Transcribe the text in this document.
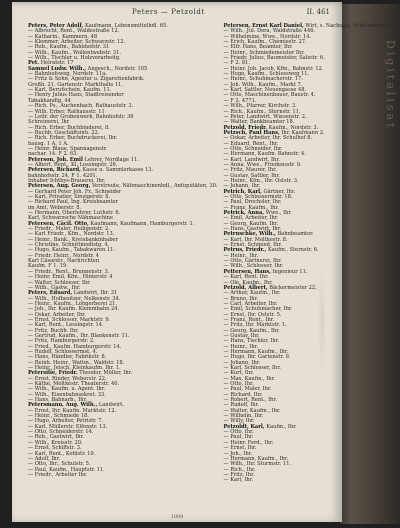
Digitalisat
Peters — Petzoldt	II. 461
Peters, Peter Adolf, Kaufmann, Lebensmittelhdl. 65.
— Albrecht, Rent., Waldestraße 12.
— Katharin., Kammern. 48
— Klemmer, Arbeiter, Schwarzstr. 12.
— Rob., Kaufm., Bahnhofstr. 31
— Wilh., Kaufm., Wollentwebstr. 31.
— Wilh., Tischler u. Holzverarbeitg.
Pet. Heiratstr. 17
Samuel Ludw. Wilh., Angesch., Nordstr. 105
— Bahnhofsweg, Nordstr. 11a.
— Fritz & Sohn, Agentur u. Zigarettenfabrik.
Großh. 21. Gartenstr. Markthalle 11.
— Karl, Berufschein, Kaufm. 11.
— Henry Julius Hans, Stadtreisender
Tabakhandlg. 44
— Rich. Ps., Auchenbach, Rathauststr. 3.
— Wilh. Erber, Rathausstr. 11
— Leitr. der Grubenwerk, Bahnhofstr. 36
Schreinerei, Ihr
— Rich. Erber, Buchbinderei, 8.
— Buchb. Geschäftsinh. 22.
— Rich. Erber, Buchdruckerei, Ihr.
hausg. 1 A. 1 A.
— Heinr. Blaue, Spannagenstr.
nachar. 14. F 2. 63.
Peterson, Joh. Emil Lehrer, Nordlage 11.
— Albert, Rent., Kl. Lessingstr. 26.
Petersen, Richard, Kasse u. Sammlerkasse 13.
bahnhofsstr. 24, F 1. 4201.
Inhaber Ichthys-Brauerei, Ihr.
Petersen, Aug. Georg, Verstreute, Nähmaschinenhdl., Antiquitäten, 30.
— Gerhard Peter Joh. Fr., Schneider
— Karl, Privatier, Sinzigerstr. 8.
— Richard Paul, Ing. Kreisbeamter
im Amt, Weberstr. 8.
— Hermann, Oberlehrer, Luthstr. 6.
Karl, Schwarzsche Nähmaschine
Petersen, Cäcil. Otto, Kaufmann, Kaufmann, Hamburgerstr. 1.
— Friedr., Maler, Heiligenstr. 2.
— Karl Friedr., Kfm., Nordstr. 13.
— Heinr., Bank., Kreisbankinhaber
— Christine, Schnittmodistg. 4.
— Hugo, Kaufm., Tabakwaren 11.
— Friedr. Heinr., Nordstr. 4
Karl Cäsarstr., Nachrichten
Kaufm. F 1. 19.
— Friedr., Rent., Brunnenstr. 3.
— Heinr. Emil, Kfm., Hinterstr. 4
— Walter, Schlosser, Ihr.
— Wilh., Gastw., Ihr.
Peters, Eduard, Landwirt, Ihr. 31
— Wilh., Hofbesitzer, Nelkenstr. 34.
— Heinr., Kaufm., Lohgerberei 21.
— Joh., Ihr. Kaufm. Klemmbahn 24.
— Oskar, Arbeiter, Ihr.
— Ernst, Schlosser, Marktstr. 9.
— Karl, Rent., Lessingstr. 14.
— Fritz, Buchb. Ihr.
— Gertrud, Kaufm., Ihr. Blankenstr. 11.
— Fritz, Hamburgerstr. 2.
— Fried., Kaufm. Hamburgerstr. 14.
— Rudolf, Schlossermst. 4.
— Hans, Händler, Fabrikstr. 8.
— Reinh. Heinr., Wattm., Waldstr. 18.
— Heinr., Jeisch, Kleinkaufm. Ihr. 1.
Petersilie, Friedr. Theodor, Müller, Ihr.
— Ernst, Rinder, Weberstr. 22.
— Käthe, Moltkestr. Theaterstr. 40.
— Wilh., Kaufm. u. Agent. Ihr.
— Wilh., Eisenbahnsekret. 33.
— Hans, Bahnarb., Ihr.
Petersmann, Aug. Wilh., Landwirt.
— Ernst, Ihr. Kaufm. Marktstr. 12.
— Heinr., Schmiede 18.
— Hugo, Arbeiter, Petristr. 7.
— Karl, Müllerstr. Elfenstr. 13.
— Otto, Schneiderstr. 14.
— Rob., Gastwirt, Ihr.
— Wilh., Kreisstr. 20.
— Ernst, Schiffstr. 3.
— Karl, Rent., Kohlstr. 10.
— Adolf, Ihr.
— Otto, Ihr., Schulstr. 5.
— Paul, Kaufm., Hauptstr. 11.
— Friedr., Arbeiter Ihr.
Petersen, Ernst Karl Daniel, Wirt, s. Nachsatz, Schlossbergstr. 7.
— Wilh., Jul. Dora, Waldstraße 446.
— Wilhelmine, Wwe., Nordstr. 14.
— Erich, Kaufm., Chemiestr. 27.
— Elfr. Hans, Beamter, Ihr.
— Heinr., Schmiedemeister Ihr.
— Friedr. Julius, Baumeister, Salzstr. 6.
— F 2. 81.
— Heinr. Joh. Jacob, Kfm., Bahnstr. 12.
— Hugo, Kaufm., Schlossweg 11.
— Heinr., Schuhmacherstr. 17.
— Joh. Wilh., Kaufm., Markt 7.
— Karl, Sattler, Neuengasse 48.
— Otto, Maschinenbauer, Baustr. 4.
— F 2. 4771.
— Wilh., Pfarrer, Kirchstr. 3.
— Rich., Kaufm., Sternstr. 11.
— Peter, Landwirt, Wiesenstr. 2.
— Walter, Bankbeamter 18.
Petzold, Friedr. Kaufm., Nordstr. 3.
Petzsch, Paul Hans, Ihr. Kaufmann 2.
— Oskar, Arbeiter, Ihr. Schulhof 8.
— Eduard, Rent., Ihr.
— Otto, Schneider, Ihr.
— Hermann, Kaufm. Bahnstr. 4.
— Karl, Landwirt, Ihr.
— Anna, Wwe., Friedensstr. 9.
— Fritz, Maurer, Ihr.
— Gustav, Sattler, Ihr.
— Heinr., Kfm., Ihr. Oststr. 3.
— Johann, Ihr.
Petrich, Karl, Gärtner, Ihr.
— Otto, Schlossermstr. 18.
— Paul, Drechsler, Ihr.
— Franz, Kaufm., Ihr.
Petrick, Anna, Wwe., Ihr.
— Emil, Arbeiter, Ihr.
— Georg, Kaufm. Ihr.
— Hans, Gastwirt, Ihr.
Petruschke, Wilh., Bahnbeamter.
— Karl, Ihr. Moltkestr. 8.
— Ernst, Schmied, Ihr.
Petrus, Friedr., Kaufm., Sternstr. 6.
— Heinr., Ihr.
— Otto, Gärtnerei, Ihr.
— Wilh., Schlosser, Ihr.
Pettersen, Hans, Ingenieur 11.
— Karl, Rent. Ihr.
— Ole, Kaufm., Ihr.
Petzold, Albert, Bäckermeister 22.
— Arthur, Kaufm., Ihr.
— Bruno, Ihr.
— Carl, Arbeiter, Ihr.
— Emil, Schuhmacher, Ihr.
— Ernst, Ihr. Oststr. 5.
— Franz, Rent., Ihr.
— Fritz, Ihr. Marktstr. 1.
— Georg, Kaufm., Ihr.
— Gustav, Ihr.
— Hans, Tischler, Ihr.
— Heinr., Ihr.
— Hermann, Kaufm., Ihr.
— Hugo, Ihr. Gartenstr. 9.
— Johann, Ihr.
— Karl, Schlosser, Ihr.
— Kurt, Ihr.
— Max, Kaufm., Ihr.
— Otto, Ihr.
— Paul, Maler, Ihr.
— Richard, Ihr.
— Robert, Rent., Ihr.
— Rudolf, Ihr.
— Walter, Kaufm., Ihr.
— Wilhelm, Ihr.
— Willy, Ihr.
Petzoldt, Karl, Kaufm., Ihr.
— Otto, Ihr.
— Paul, Ihr.
— Heinr. Ferd., Ihr.
— Ernst, Ihr.
— Joh., Ihr.
— Hermann, Kaufm., Ihr.
— Wilh., Ihr. Sturmstr. 11.
— Rich., Ihr.
— Fritz, Ihr.
— Karl, Ihr.
1009
